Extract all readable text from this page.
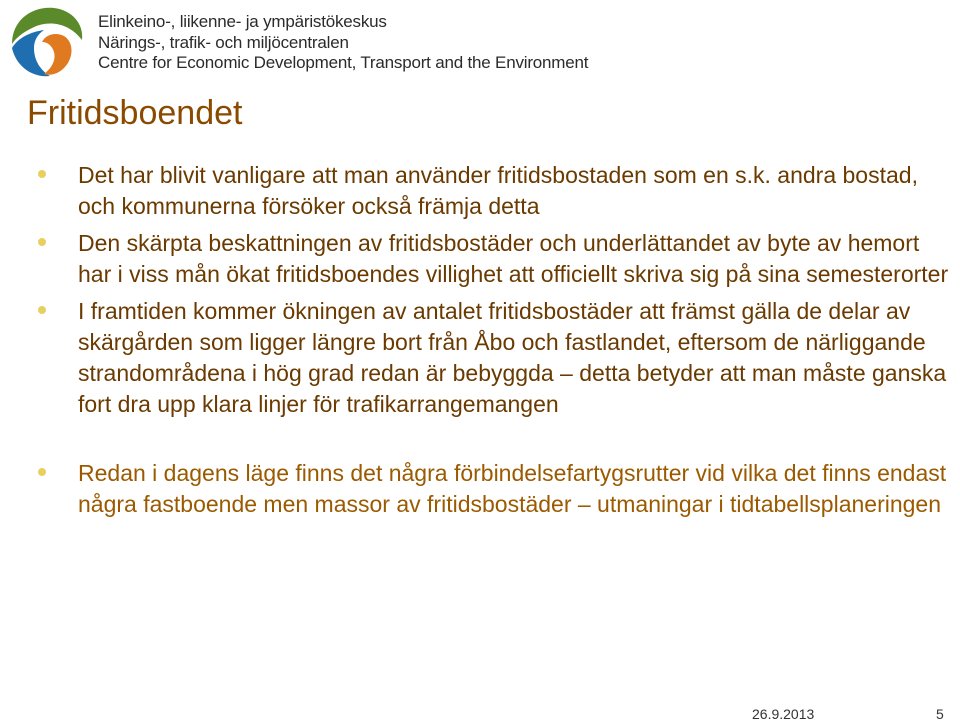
Elinkeino-, liikenne- ja ympäristökeskus
Närings-, trafik- och miljöcentralen
Centre for Economic Development, Transport and the Environment
Fritidsboendet
Det har blivit vanligare att man använder fritidsbostaden som en s.k. andra bostad, och kommunerna försöker också främja detta
Den skärpta beskattningen av fritidsbostäder och underlättandet av byte av hemort har i viss mån ökat fritidsboendes villighet att officiellt skriva sig på sina semesterorter
I framtiden kommer ökningen av antalet fritidsbostäder att främst gälla de delar av skärgården som ligger längre bort från Åbo och fastlandet, eftersom de närliggande strandområdena i hög grad redan är bebyggda – detta betyder att man måste ganska fort dra upp klara linjer för trafikarrangemangen
Redan i dagens läge finns det några förbindelsefartygsrutter vid vilka det finns endast några fastboende men massor av fritidsbostäder – utmaningar i tidtabellsplaneringen
26.9.2013	5
